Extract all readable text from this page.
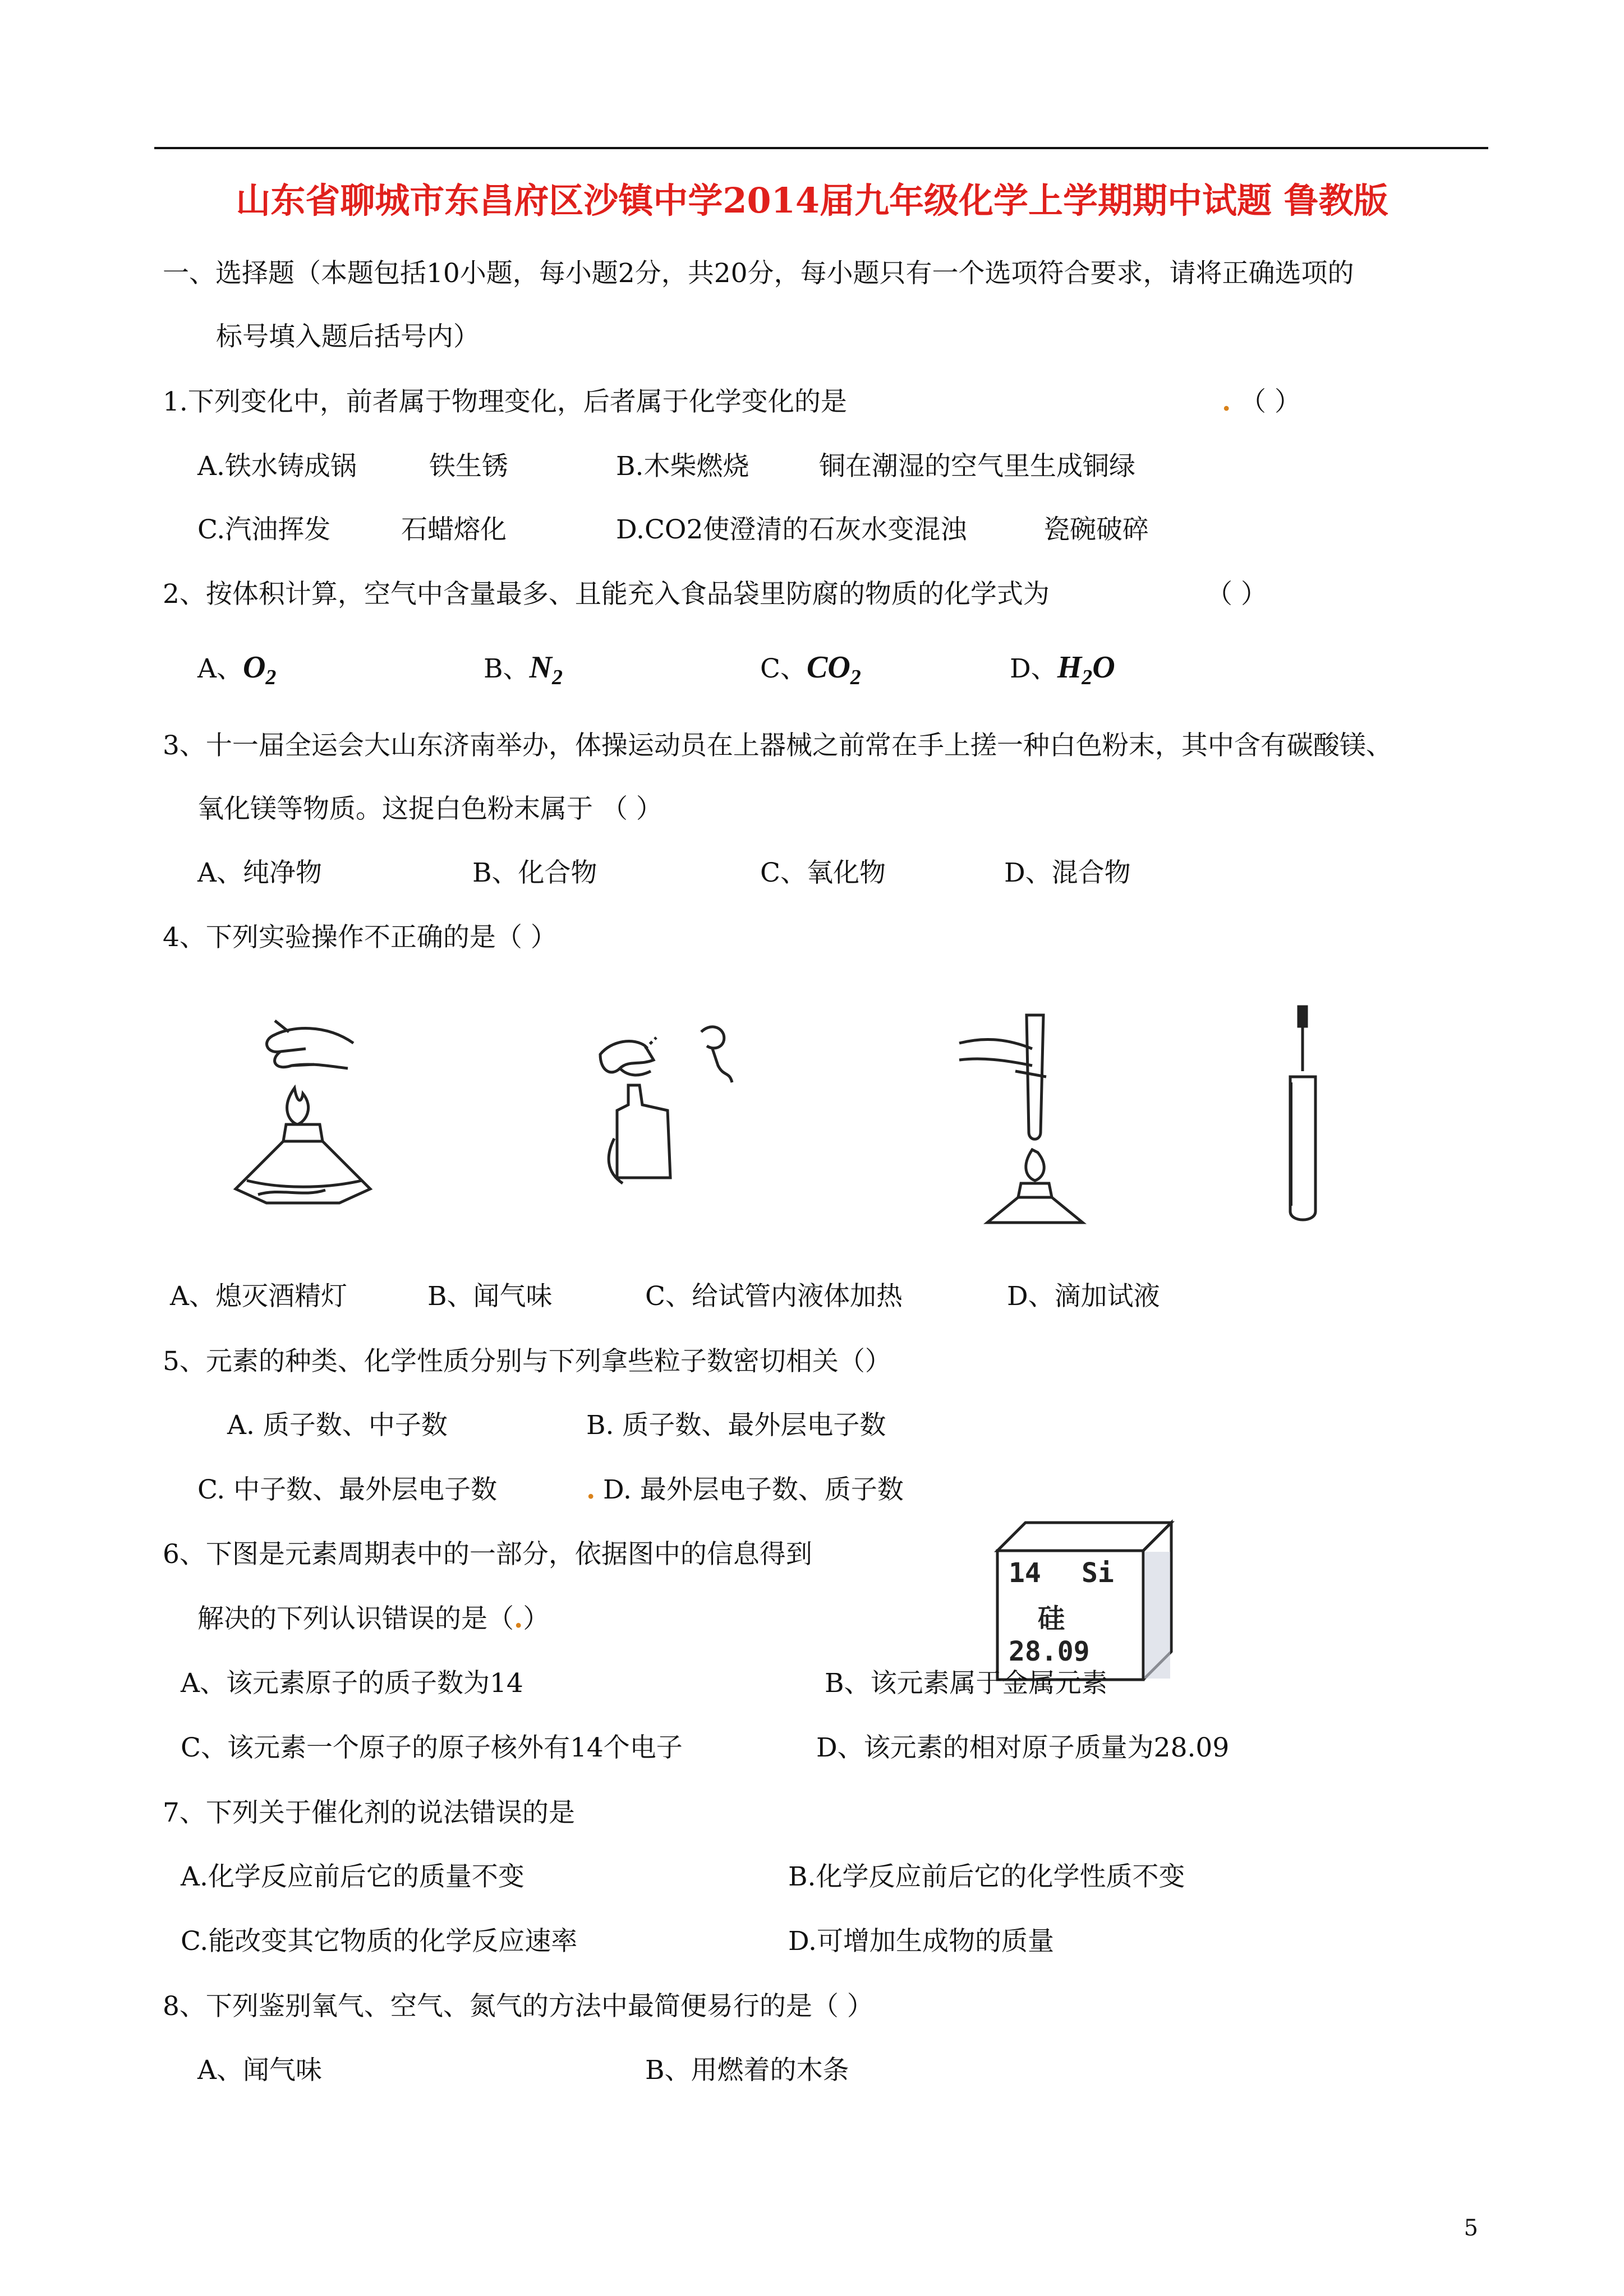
山东省聊城市东昌府区沙镇中学2014届九年级化学上学期期中试题 鲁教版
一、选择题（本题包括10小题，每小题2分，共20分，每小题只有一个选项符合要求，请将正确选项的
标号填入题后括号内）
1.下列变化中，前者属于物理变化，后者属于化学变化的是	. （ ）
A.铁水铸成锅	铁生锈	B.木柴燃烧	铜在潮湿的空气里生成铜绿
C.汽油挥发	石蜡熔化	D.CO2使澄清的石灰水变混浊	瓷碗破碎
2、按体积计算，空气中含量最多、且能充入食品袋里防腐的物质的化学式为	（ ）
A、$O_2$	B、$N_2$	C、$CO_2$	D、$H_2O$
3、十一届全运会大山东济南举办，体操运动员在上器械之前常在手上搓一种白色粉末，其中含有碳酸镁、
氧化镁等物质。这捉白色粉末属于 （ ）
A、纯净物	B、化合物	C、氧化物	D、混合物
4、下列实验操作不正确的是（ ）
A、熄灭酒精灯	B、闻气味	C、给试管内液体加热	D、滴加试液
5、元素的种类、化学性质分别与下列拿些粒子数密切相关（）
A. 质子数、中子数	B. 质子数、最外层电子数
C. 中子数、最外层电子数	. D. 最外层电子数、质子数
14 Si
硅
28.09
6、下图是元素周期表中的一部分，依据图中的信息得到
解决的下列认识错误的是（.）
A、该元素原子的质子数为14	B、该元素属于金属元素
C、该元素一个原子的原子核外有14个电子	D、该元素的相对原子质量为28.09
7、下列关于催化剂的说法错误的是
A.化学反应前后它的质量不变	B.化学反应前后它的化学性质不变
C.能改变其它物质的化学反应速率	D.可增加生成物的质量
8、下列鉴别氧气、空气、氮气的方法中最简便易行的是（ ）
A、闻气味	B、用燃着的木条
5
